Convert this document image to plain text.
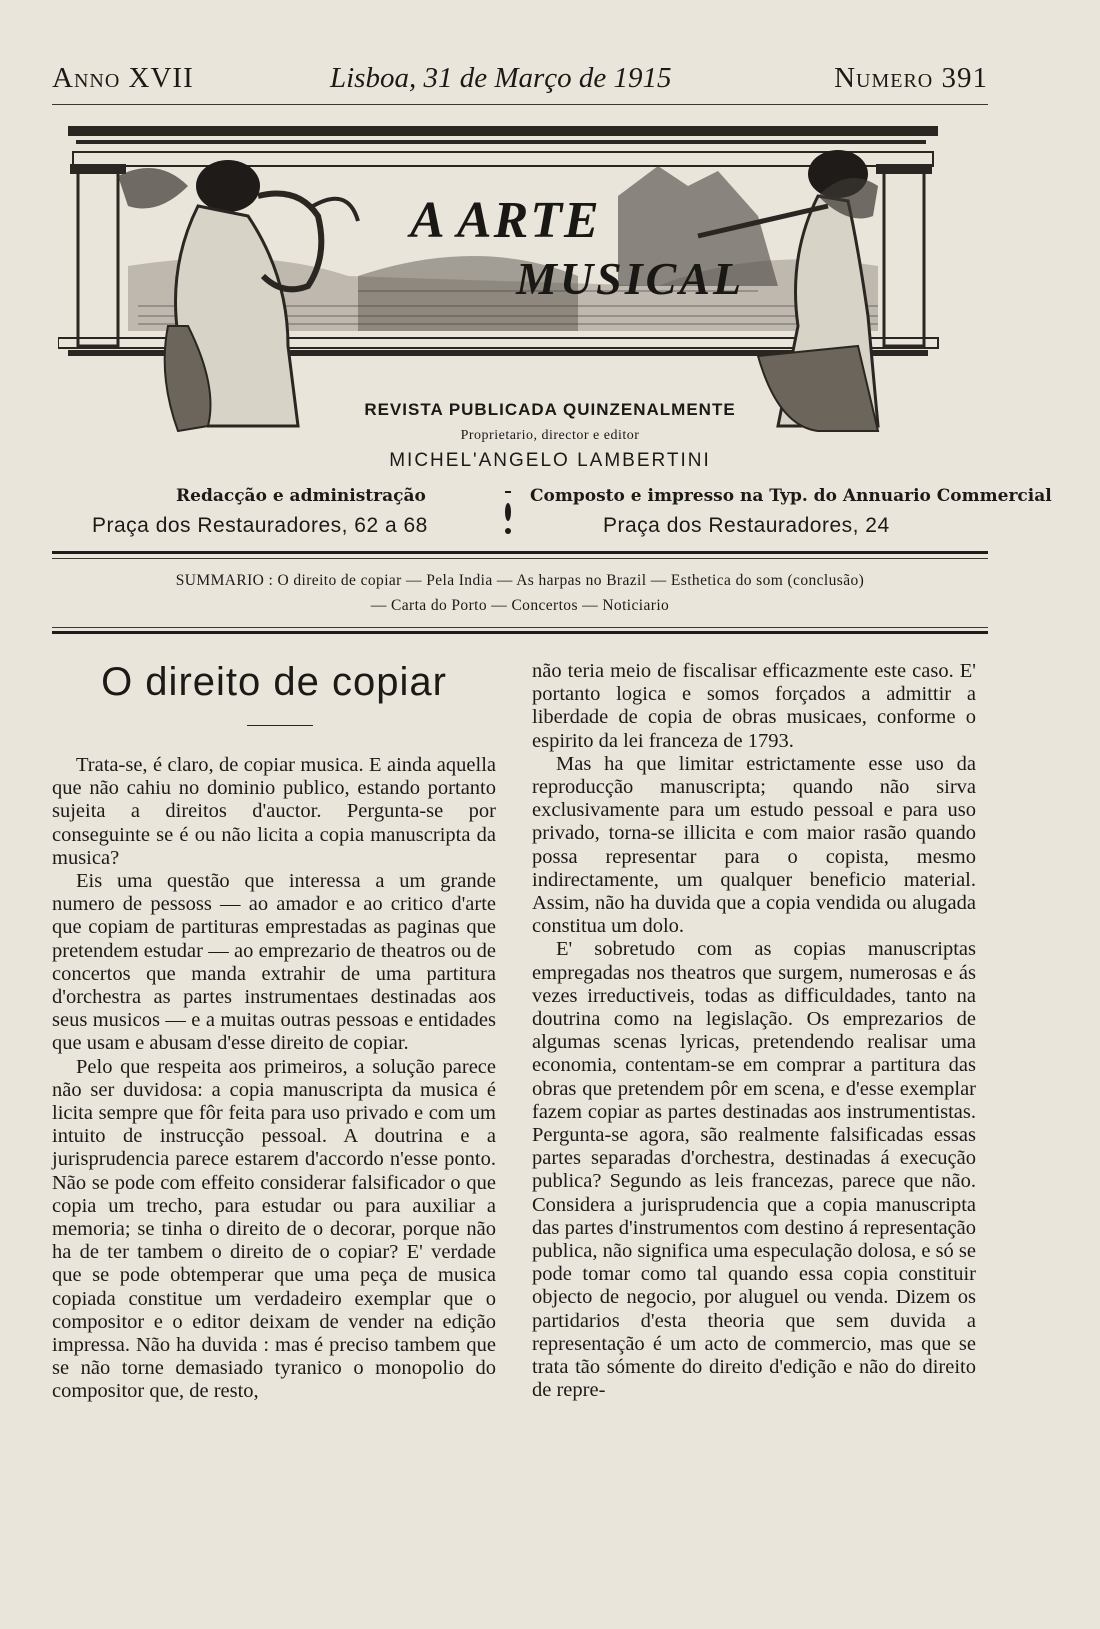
Anno XVII	Lisboa, 31 de Março de 1915	Numero 391
A ARTE
MUSICAL
REVISTA PUBLICADA QUINZENALMENTE
Proprietario, director e editor
MICHEL'ANGELO LAMBERTINI
Redacção e administração
Praça dos Restauradores, 62 a 68
Composto e impresso na Typ. do Annuario Commercial
Praça dos Restauradores, 24
SUMMARIO : O direito de copiar — Pela India — As harpas no Brazil — Esthetica do som (conclusão)
— Carta do Porto — Concertos — Noticiario
O direito de copiar

Trata-se, é claro, de copiar musica. E ainda aquella que não cahiu no dominio publico, estando portanto sujeita a direitos d'auctor. Pergunta-se por conseguinte se é ou não licita a copia manuscripta da musica?

Eis uma questão que interessa a um grande numero de pessoss — ao amador e ao critico d'arte que copiam de partituras emprestadas as paginas que pretendem estudar — ao emprezario de theatros ou de concertos que manda extrahir de uma partitura d'orchestra as partes instrumentaes destinadas aos seus musicos — e a muitas outras pessoas e entidades que usam e abusam d'esse direito de copiar.

Pelo que respeita aos primeiros, a solução parece não ser duvidosa: a copia manuscripta da musica é licita sempre que fôr feita para uso privado e com um intuito de instrucção pessoal. A doutrina e a jurisprudencia parece estarem d'accordo n'esse ponto. Não se pode com effeito considerar falsificador o que copia um trecho, para estudar ou para auxiliar a memoria; se tinha o direito de o decorar, porque não ha de ter tambem o direito de o copiar? E' verdade que se pode obtemperar que uma peça de musica copiada constitue um verdadeiro exemplar que o compositor e o editor deixam de vender na edição impressa. Não ha duvida : mas é preciso tambem que se não torne demasiado tyranico o monopolio do compositor que, de resto,

não teria meio de fiscalisar efficazmente este caso. E' portanto logica e somos forçados a admittir a liberdade de copia de obras musicaes, conforme o espirito da lei franceza de 1793.

Mas ha que limitar estrictamente esse uso da reproducção manuscripta; quando não sirva exclusivamente para um estudo pessoal e para uso privado, torna-se illicita e com maior rasão quando possa representar para o copista, mesmo indirectamente, um qualquer beneficio material. Assim, não ha duvida que a copia vendida ou alugada constitua um dolo.

E' sobretudo com as copias manuscriptas empregadas nos theatros que surgem, numerosas e ás vezes irreductiveis, todas as difficuldades, tanto na doutrina como na legislação. Os emprezarios de algumas scenas lyricas, pretendendo realisar uma economia, contentam-se em comprar a partitura das obras que pretendem pôr em scena, e d'esse exemplar fazem copiar as partes destinadas aos instrumentistas. Pergunta-se agora, são realmente falsificadas essas partes separadas d'orchestra, destinadas á execução publica? Segundo as leis francezas, parece que não. Considera a jurisprudencia que a copia manuscripta das partes d'instrumentos com destino á representação publica, não significa uma especulação dolosa, e só se pode tomar como tal quando essa copia constituir objecto de negocio, por aluguel ou venda. Dizem os partidarios d'esta theoria que sem duvida a representação é um acto de commercio, mas que se trata tão sómente do direito d'edição e não do direito de repre-
